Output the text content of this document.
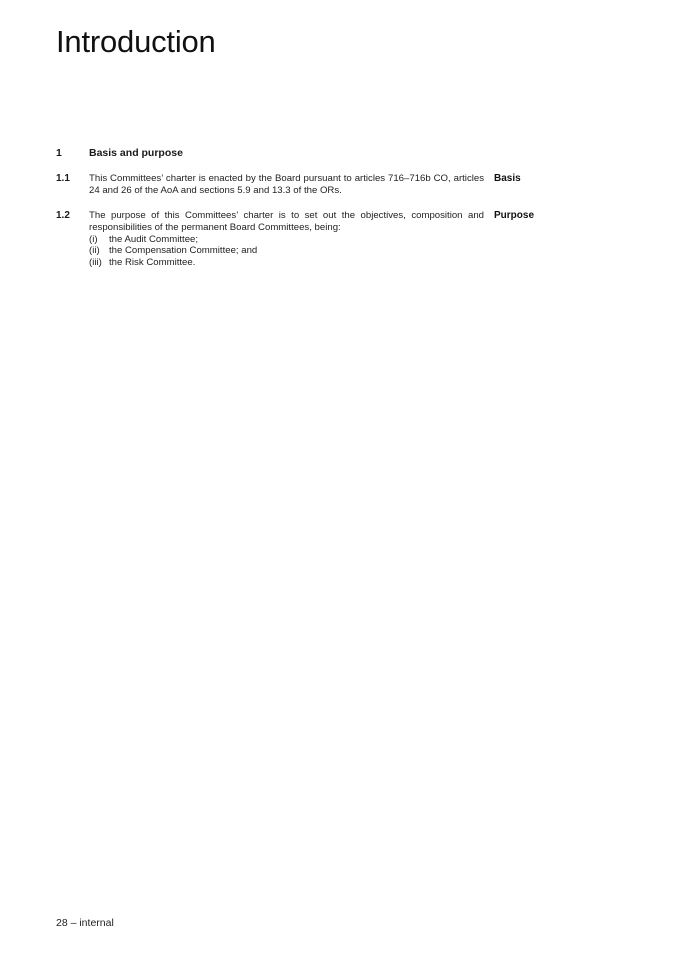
Introduction
1	Basis and purpose
1.1 This Committees’ charter is enacted by the Board pursuant to articles 716–716b CO, articles 24 and 26 of the AoA and sections 5.9 and 13.3 of the ORs.
Basis
1.2 The purpose of this Committees’ charter is to set out the objectives, composition and responsibilities of the permanent Board Committees, being:
(i)	the Audit Committee;
(ii) the Compensation Committee; and
(iii) the Risk Committee.
Purpose
28 – internal
